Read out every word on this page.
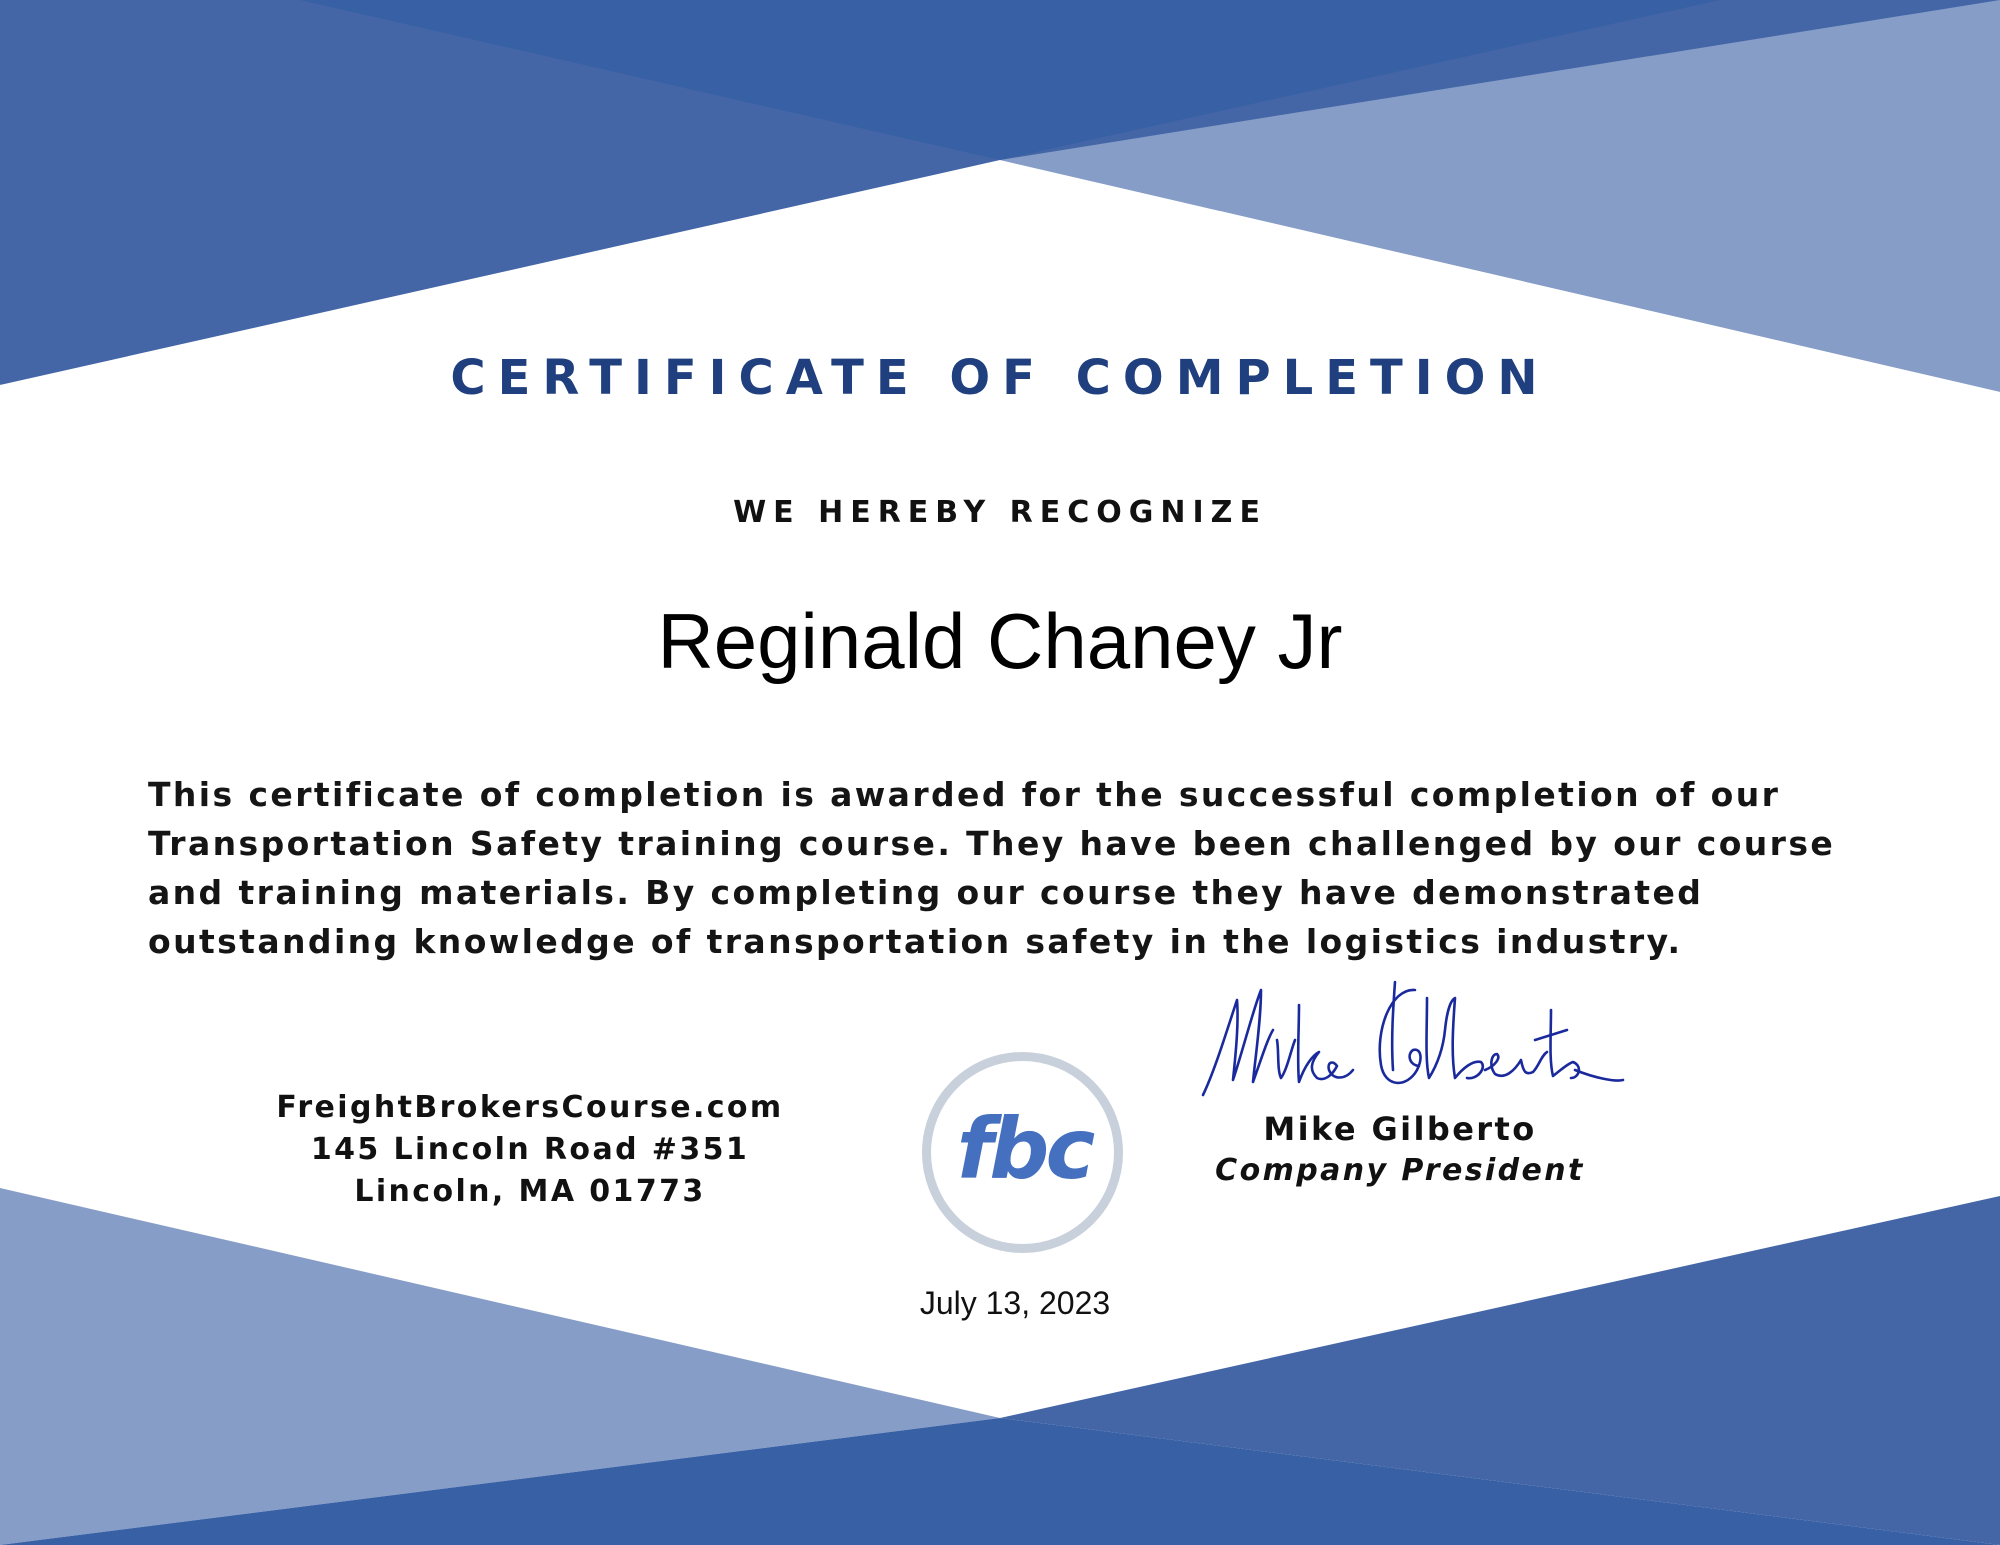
CERTIFICATE OF COMPLETION
WE HEREBY RECOGNIZE
Reginald Chaney Jr
This certificate of completion is awarded for the successful completion of our
Transportation Safety training course. They have been challenged by our course
and training materials. By completing our course they have demonstrated
outstanding knowledge of transportation safety in the logistics industry.
FreightBrokersCourse.com
145 Lincoln Road #351
Lincoln, MA 01773	fbc	Mike Gilberto
Company President
July 13, 2023
